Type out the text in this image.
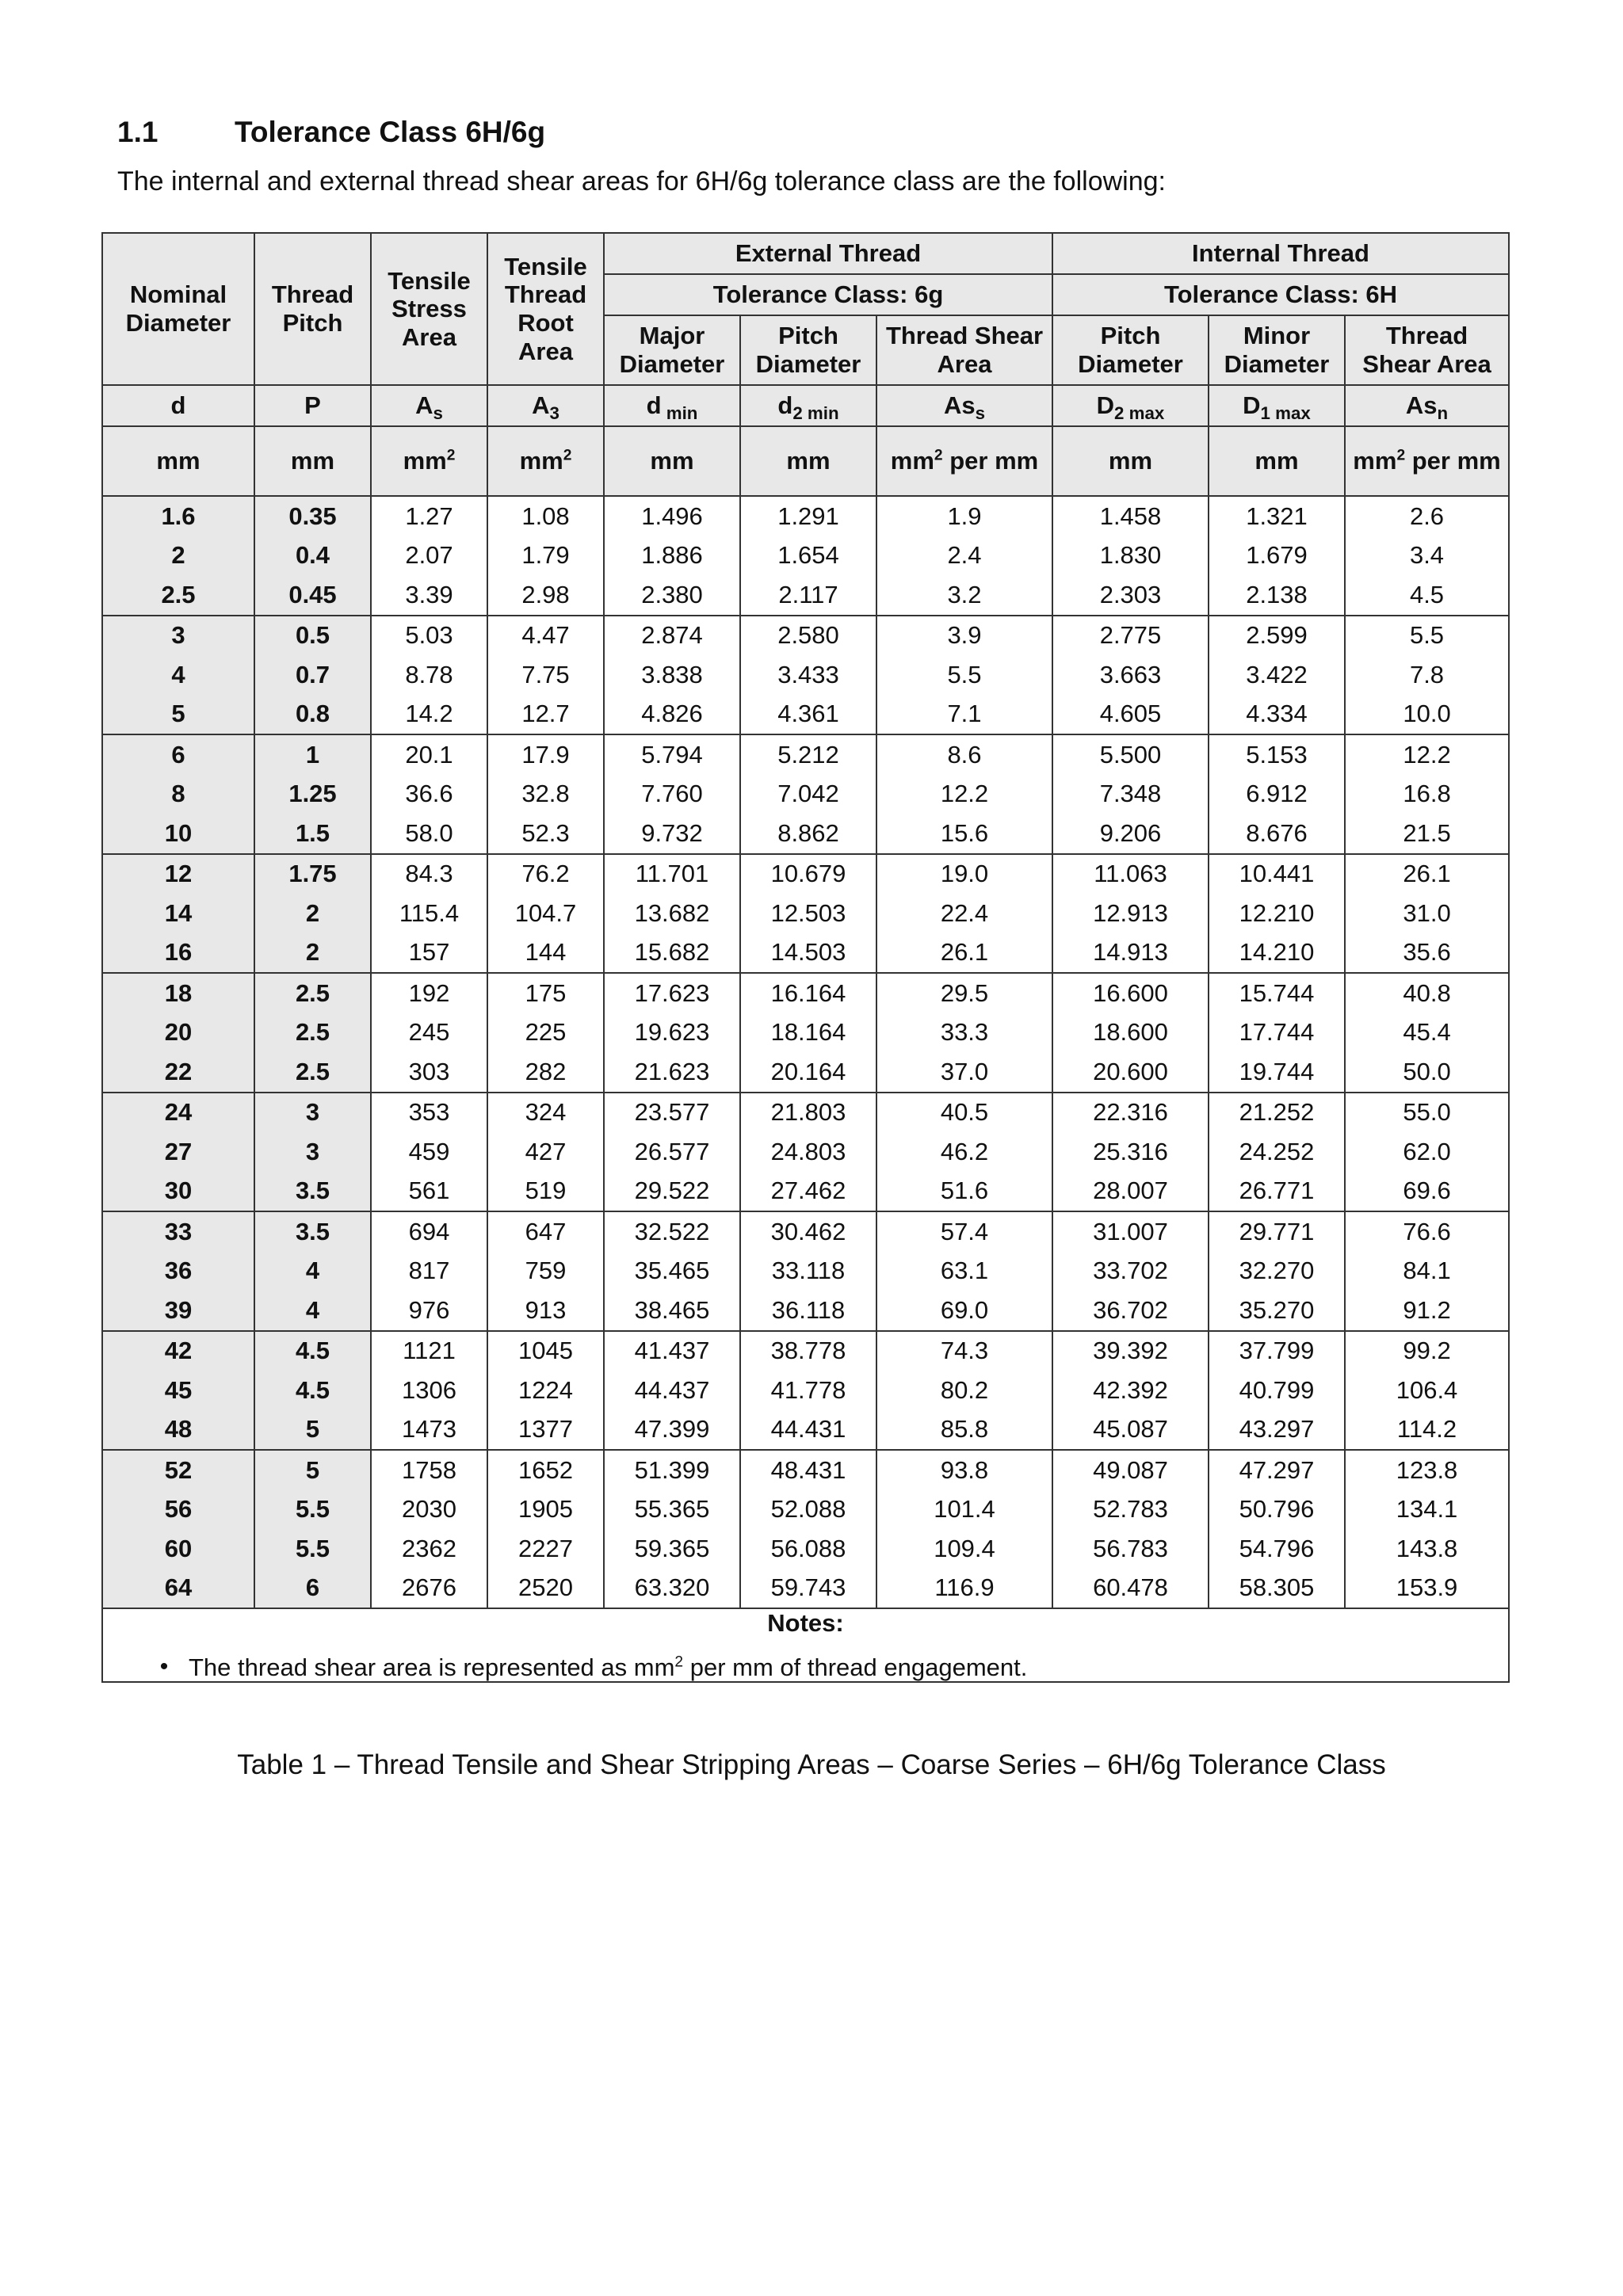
1.1	Tolerance Class 6H/6g
The internal and external thread shear areas for 6H/6g tolerance class are the following:
Nominal Diameter	Thread Pitch	Tensile Stress Area	Tensile Thread Root Area	External Thread			Internal Thread		
				Tolerance Class: 6g			Tolerance Class: 6H		
				Major Diameter	Pitch Diameter	Thread Shear Area	Pitch Diameter	Minor Diameter	Thread Shear Area
d	P	$A_s$	$A_3$	d $_{min}$	$d_{2 min}$	$As_s$	$D_{2 max}$	$D_{1 max}$	$As_n$
mm	mm	$mm^2$	$mm^2$	mm	mm	$mm^2$ per mm	mm	mm	$mm^2$ per mm
1.6	0.35	1.27	1.08	1.496	1.291	1.9	1.458	1.321	2.6
2	0.4	2.07	1.79	1.886	1.654	2.4	1.830	1.679	3.4
2.5	0.45	3.39	2.98	2.380	2.117	3.2	2.303	2.138	4.5
3	0.5	5.03	4.47	2.874	2.580	3.9	2.775	2.599	5.5
4	0.7	8.78	7.75	3.838	3.433	5.5	3.663	3.422	7.8
5	0.8	14.2	12.7	4.826	4.361	7.1	4.605	4.334	10.0
6	1	20.1	17.9	5.794	5.212	8.6	5.500	5.153	12.2
8	1.25	36.6	32.8	7.760	7.042	12.2	7.348	6.912	16.8
10	1.5	58.0	52.3	9.732	8.862	15.6	9.206	8.676	21.5
12	1.75	84.3	76.2	11.701	10.679	19.0	11.063	10.441	26.1
14	2	115.4	104.7	13.682	12.503	22.4	12.913	12.210	31.0
16	2	157	144	15.682	14.503	26.1	14.913	14.210	35.6
18	2.5	192	175	17.623	16.164	29.5	16.600	15.744	40.8
20	2.5	245	225	19.623	18.164	33.3	18.600	17.744	45.4
22	2.5	303	282	21.623	20.164	37.0	20.600	19.744	50.0
24	3	353	324	23.577	21.803	40.5	22.316	21.252	55.0
27	3	459	427	26.577	24.803	46.2	25.316	24.252	62.0
30	3.5	561	519	29.522	27.462	51.6	28.007	26.771	69.6
33	3.5	694	647	32.522	30.462	57.4	31.007	29.771	76.6
36	4	817	759	35.465	33.118	63.1	33.702	32.270	84.1
39	4	976	913	38.465	36.118	69.0	36.702	35.270	91.2
42	4.5	1121	1045	41.437	38.778	74.3	39.392	37.799	99.2
45	4.5	1306	1224	44.437	41.778	80.2	42.392	40.799	106.4
48	5	1473	1377	47.399	44.431	85.8	45.087	43.297	114.2
52	5	1758	1652	51.399	48.431	93.8	49.087	47.297	123.8
56	5.5	2030	1905	55.365	52.088	101.4	52.783	50.796	134.1
60	5.5	2362	2227	59.365	56.088	109.4	56.783	54.796	143.8
64	6	2676	2520	63.320	59.743	116.9	60.478	58.305	153.9

Notes:
• The thread shear area is represented as $mm^2$ per mm of thread engagement.									
Table 1 – Thread Tensile and Shear Stripping Areas – Coarse Series – 6H/6g Tolerance Class
